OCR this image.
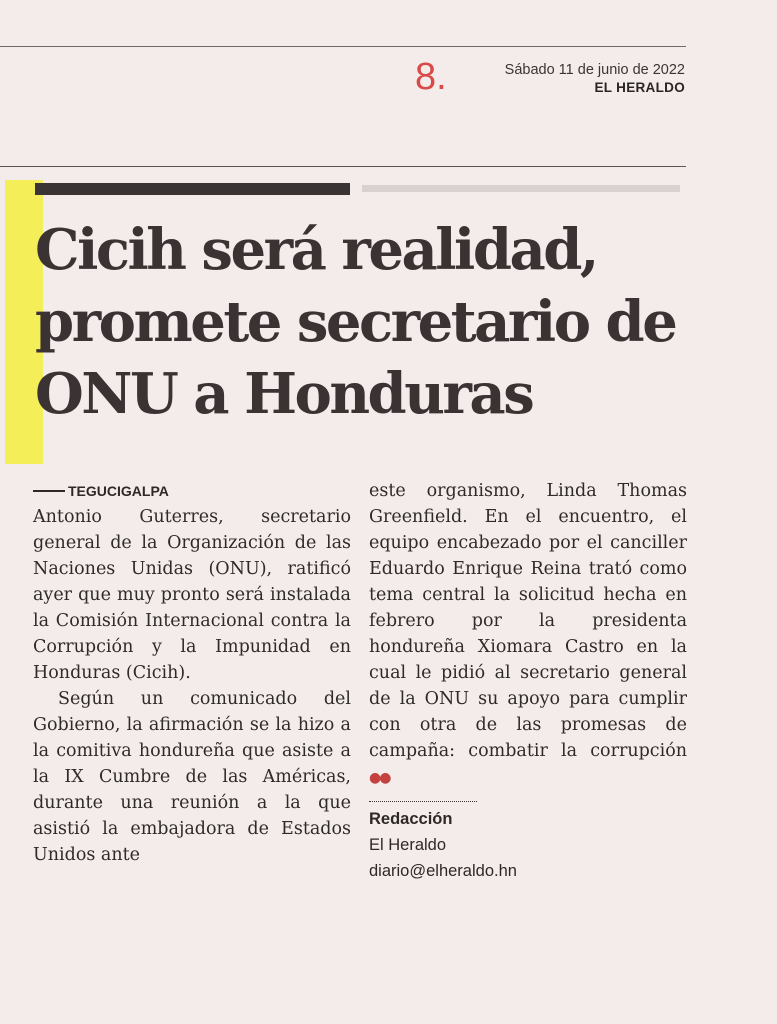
8.	Sábado 11 de junio de 2022
EL HERALDO
Cicih será realidad, promete secretario de ONU a Honduras
TEGUCIGALPA

Antonio Guterres, secretario general de la Organización de las Naciones Unidas (ONU), ratificó ayer que muy pronto será instalada la Comisión Internacional contra la Corrupción y la Impunidad en Honduras (Cicih).

Según un comunicado del Gobierno, la afirmación se la hizo a la comitiva hondureña que asiste a la IX Cumbre de las Américas, durante una reunión a la que asistió la embajadora de Estados Unidos ante

este organismo, Linda Thomas Greenfield. En el encuentro, el equipo encabezado por el canciller Eduardo Enrique Reina trató como tema central la solicitud hecha en febrero por la presidenta hondureña Xiomara Castro en la cual le pidió al secretario general de la ONU su apoyo para cumplir con otra de las promesas de campaña: combatir la corrupción ●●

Redacción
El Heraldo
diario@elheraldo.hn
